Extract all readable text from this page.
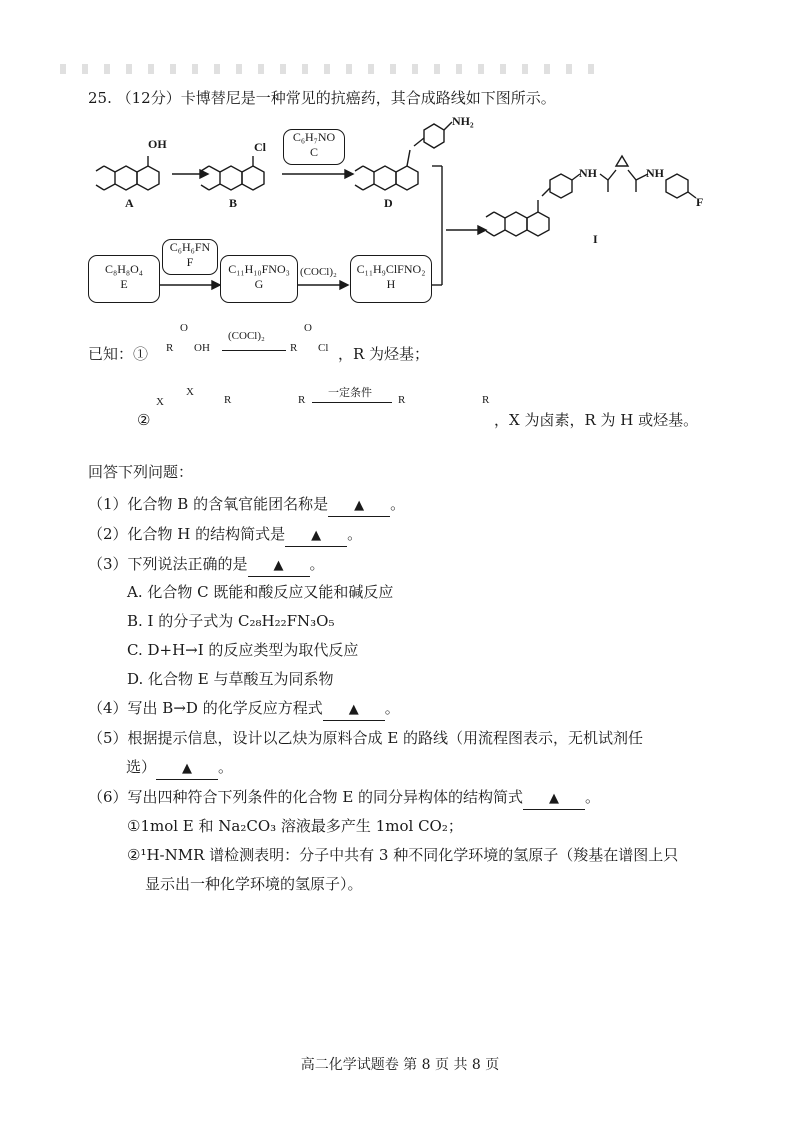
25. （12分）卡博替尼是一种常见的抗癌药，其合成路线如下图所示。
OH	Cl
A	B	D
NH₂
NH	NH
F
I
C₆H₇NO
C
C₈H₈O₄
E
C₆H₆FN
F	C₁₁H₁₀FNO₃
G
(COCl)₂	C₁₁H₉ClFNO₂
H
已知：① R
O
OH
(COCl)₂
R
O
Cl ，R 为烃基；
②
X
X
R	R
一定条件
R	R
，X 为卤素，R 为 H 或烃基。
回答下列问题：
（1）化合物 B 的含氧官能团名称是 ▲ 。
（2）化合物 H 的结构简式是 ▲ 。
（3）下列说法正确的是 ▲ 。
A. 化合物 C 既能和酸反应又能和碱反应
B. I 的分子式为 C₂₈H₂₂FN₃O₅
C. D+H→I 的反应类型为取代反应
D. 化合物 E 与草酸互为同系物
（4）写出 B→D 的化学反应方程式 ▲ 。
（5）根据提示信息，设计以乙炔为原料合成 E 的路线（用流程图表示，无机试剂任
选） ▲ 。
（6）写出四种符合下列条件的化合物 E 的同分异构体的结构简式 ▲ 。
①1mol E 和 Na₂CO₃ 溶液最多产生 1mol CO₂；
②¹H-NMR 谱检测表明：分子中共有 3 种不同化学环境的氢原子（羧基在谱图上只
显示出一种化学环境的氢原子）。
高二化学试题卷 第 8 页 共 8 页
